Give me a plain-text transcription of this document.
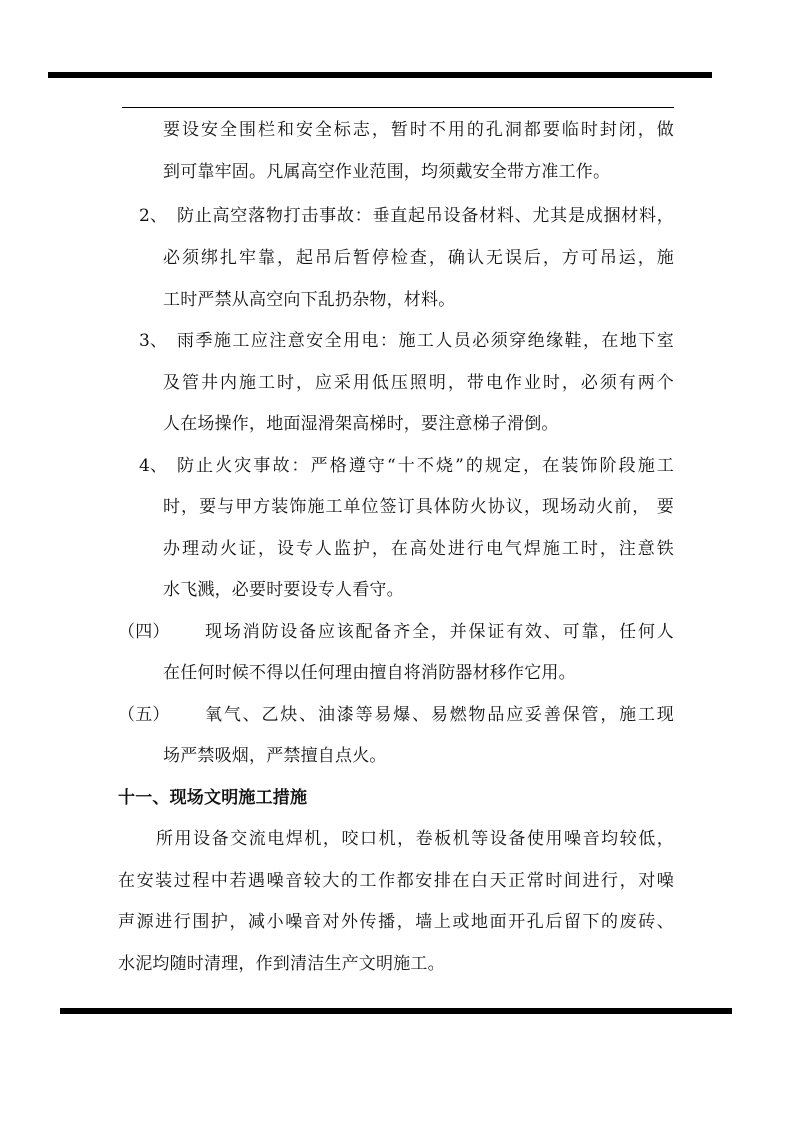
要设安全围栏和安全标志，暂时不用的孔洞都要临时封闭，做
到可靠牢固。凡属高空作业范围，均须戴安全带方准工作。
2、 防止高空落物打击事故：垂直起吊设备材料、尤其是成捆材料，
必须绑扎牢靠，起吊后暂停检查，确认无误后，方可吊运，施
工时严禁从高空向下乱扔杂物，材料。
3、 雨季施工应注意安全用电：施工人员必须穿绝缘鞋，在地下室
及管井内施工时，应采用低压照明，带电作业时，必须有两个
人在场操作，地面湿滑架高梯时，要注意梯子滑倒。
4、 防止火灾事故：严格遵守“十不烧”的规定，在装饰阶段施工
时，要与甲方装饰施工单位签订具体防火协议，现场动火前， 要
办理动火证，设专人监护，在高处进行电气焊施工时，注意铁
水飞溅，必要时要设专人看守。
（四） 现场消防设备应该配备齐全，并保证有效、可靠，任何人
在任何时候不得以任何理由擅自将消防器材移作它用。
（五） 氧气、乙炔、油漆等易爆、易燃物品应妥善保管，施工现
场严禁吸烟，严禁擅自点火。
十一、现场文明施工措施
所用设备交流电焊机，咬口机，卷板机等设备使用噪音均较低，
在安装过程中若遇噪音较大的工作都安排在白天正常时间进行，对噪
声源进行围护，减小噪音对外传播，墙上或地面开孔后留下的废砖、
水泥均随时清理，作到清洁生产文明施工。
